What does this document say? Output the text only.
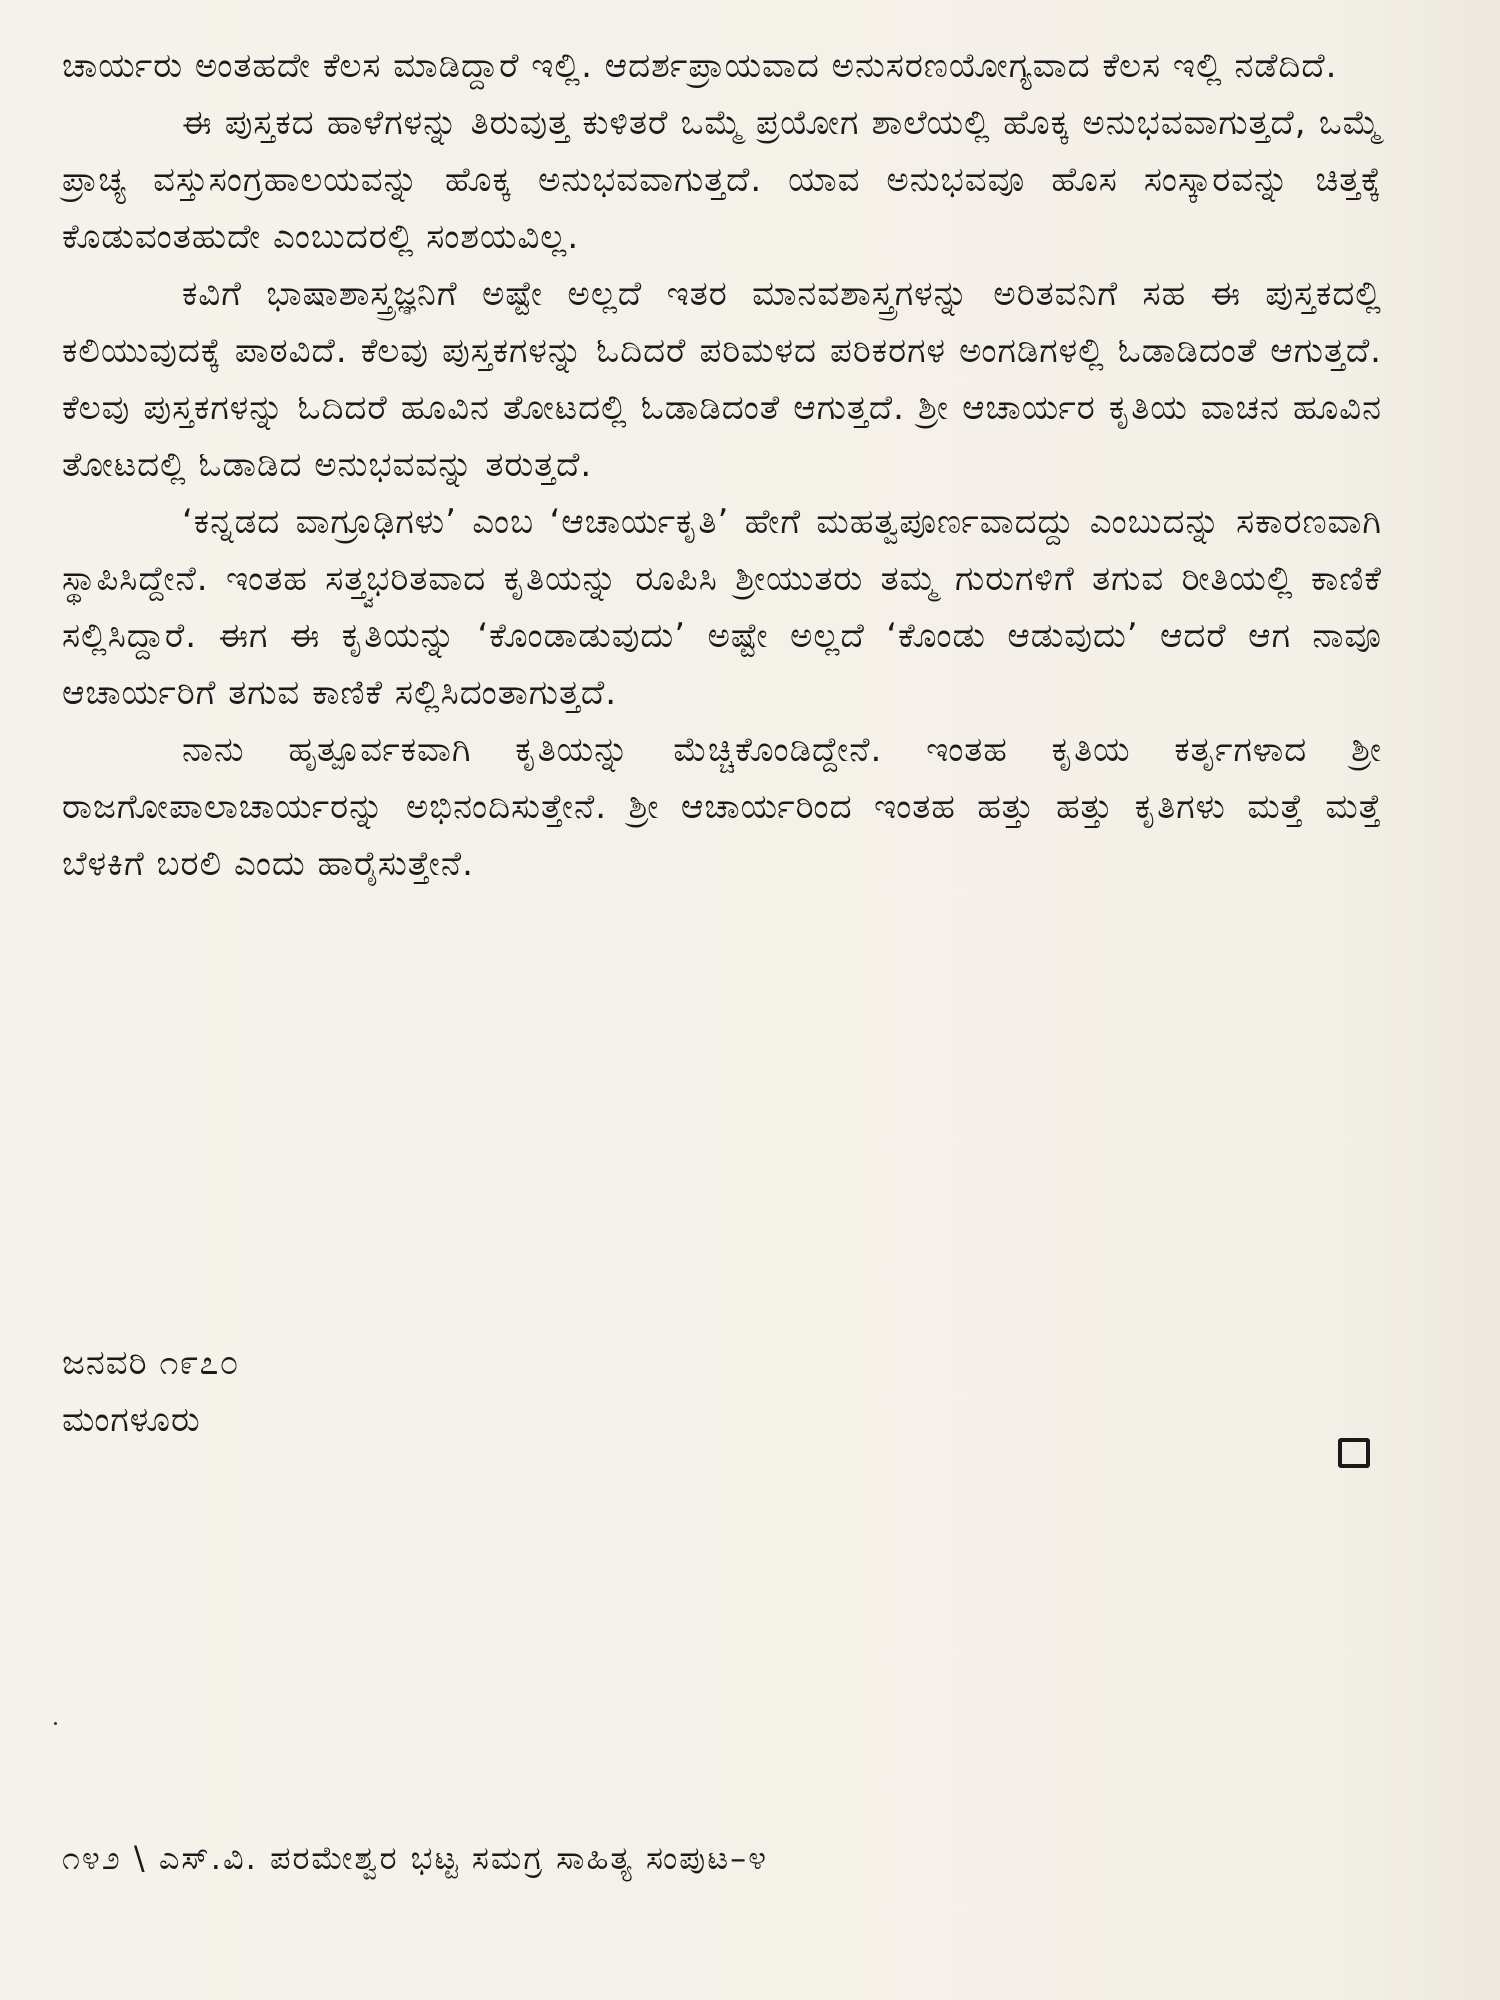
ಚಾರ್ಯರು ಅಂತಹದೇ ಕೆಲಸ ಮಾಡಿದ್ದಾರೆ ಇಲ್ಲಿ. ಆದರ್ಶಪ್ರಾಯವಾದ ಅನುಸರಣಯೋಗ್ಯವಾದ ಕೆಲಸ ಇಲ್ಲಿ ನಡೆದಿದೆ.

ಈ ಪುಸ್ತಕದ ಹಾಳೆಗಳನ್ನು ತಿರುವುತ್ತ ಕುಳಿತರೆ ಒಮ್ಮೆ ಪ್ರಯೋಗ ಶಾಲೆಯಲ್ಲಿ ಹೊಕ್ಕ ಅನುಭವವಾಗುತ್ತದೆ, ಒಮ್ಮೆ ಪ್ರಾಚ್ಯ ವಸ್ತುಸಂಗ್ರಹಾಲಯವನ್ನು ಹೊಕ್ಕ ಅನುಭವವಾಗುತ್ತದೆ. ಯಾವ ಅನುಭವವೂ ಹೊಸ ಸಂಸ್ಕಾರವನ್ನು ಚಿತ್ತಕ್ಕೆ ಕೊಡುವಂತಹುದೇ ಎಂಬುದರಲ್ಲಿ ಸಂಶಯವಿಲ್ಲ.

ಕವಿಗೆ ಭಾಷಾಶಾಸ್ತ್ರಜ್ಞನಿಗೆ ಅಷ್ಟೇ ಅಲ್ಲದೆ ಇತರ ಮಾನವಶಾಸ್ತ್ರಗಳನ್ನು ಅರಿತವನಿಗೆ ಸಹ ಈ ಪುಸ್ತಕದಲ್ಲಿ ಕಲಿಯುವುದಕ್ಕೆ ಪಾಠವಿದೆ. ಕೆಲವು ಪುಸ್ತಕಗಳನ್ನು ಓದಿದರೆ ಪರಿಮಳದ ಪರಿಕರಗಳ ಅಂಗಡಿಗಳಲ್ಲಿ ಓಡಾಡಿದಂತೆ ಆಗುತ್ತದೆ. ಕೆಲವು ಪುಸ್ತಕಗಳನ್ನು ಓದಿದರೆ ಹೂವಿನ ತೋಟದಲ್ಲಿ ಓಡಾಡಿದಂತೆ ಆಗುತ್ತದೆ. ಶ್ರೀ ಆಚಾರ್ಯರ ಕೃತಿಯ ವಾಚನ ಹೂವಿನ ತೋಟದಲ್ಲಿ ಓಡಾಡಿದ ಅನುಭವವನ್ನು ತರುತ್ತದೆ.

‘ಕನ್ನಡದ ವಾಗ್ರೂಢಿಗಳು’ ಎಂಬ ‘ಆಚಾರ್ಯಕೃತಿ’ ಹೇಗೆ ಮಹತ್ವಪೂರ್ಣವಾದದ್ದು ಎಂಬುದನ್ನು ಸಕಾರಣವಾಗಿ ಸ್ಥಾಪಿಸಿದ್ದೇನೆ. ಇಂತಹ ಸತ್ತ್ವಭರಿತವಾದ ಕೃತಿಯನ್ನು ರೂಪಿಸಿ ಶ್ರೀಯುತರು ತಮ್ಮ ಗುರುಗಳಿಗೆ ತಗುವ ರೀತಿಯಲ್ಲಿ ಕಾಣಿಕೆ ಸಲ್ಲಿಸಿದ್ದಾರೆ. ಈಗ ಈ ಕೃತಿಯನ್ನು ‘ಕೊಂಡಾಡುವುದು’ ಅಷ್ಟೇ ಅಲ್ಲದೆ ‘ಕೊಂಡು ಆಡುವುದು’ ಆದರೆ ಆಗ ನಾವೂ ಆಚಾರ್ಯರಿಗೆ ತಗುವ ಕಾಣಿಕೆ ಸಲ್ಲಿಸಿದಂತಾಗುತ್ತದೆ.

ನಾನು ಹೃತ್ಪೂರ್ವಕವಾಗಿ ಕೃತಿಯನ್ನು ಮೆಚ್ಚಿಕೊಂಡಿದ್ದೇನೆ. ಇಂತಹ ಕೃತಿಯ ಕರ್ತೃಗಳಾದ ಶ್ರೀ ರಾಜಗೋಪಾಲಾಚಾರ್ಯರನ್ನು ಅಭಿನಂದಿಸುತ್ತೇನೆ. ಶ್ರೀ ಆಚಾರ್ಯರಿಂದ ಇಂತಹ ಹತ್ತು ಹತ್ತು ಕೃತಿಗಳು ಮತ್ತೆ ಮತ್ತೆ ಬೆಳಕಿಗೆ ಬರಲಿ ಎಂದು ಹಾರೈಸುತ್ತೇನೆ.

ಜನವರಿ ೧೯೭೦
ಮಂಗಳೂರು
೧೪೨ \ ಎಸ್.ವಿ. ಪರಮೇಶ್ವರ ಭಟ್ಟ ಸಮಗ್ರ ಸಾಹಿತ್ಯ ಸಂಪುಟ–೪
